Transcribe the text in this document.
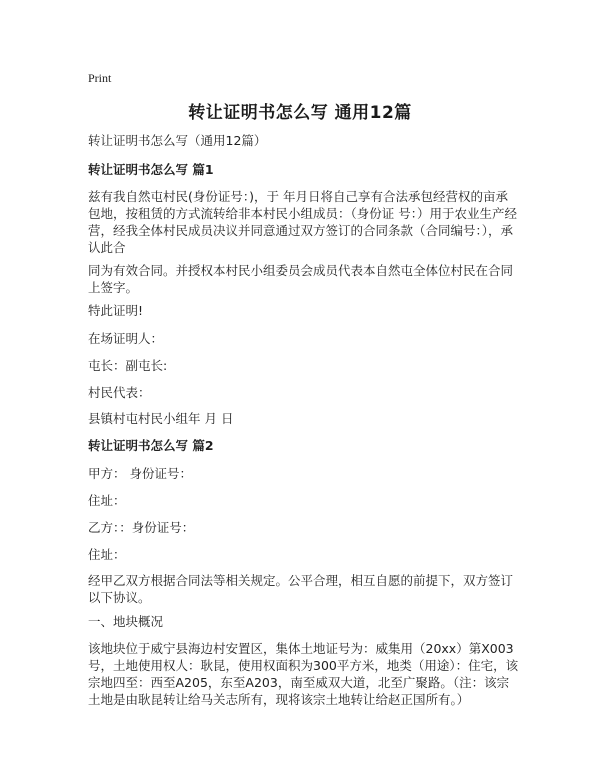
Print
转让证明书怎么写 通用12篇

转让证明书怎么写（通用12篇）

转让证明书怎么写 篇1

兹有我自然屯村民(身份证号：)，于 年月日将自己享有合法承包经营权的亩承包地，按租赁的方式流转给非本村民小组成员：（身份证 号：）用于农业生产经营，经我全体村民成员决议并同意通过双方签订的合同条款（合同编号：），承认此合

同为有效合同。并授权本村民小组委员会成员代表本自然屯全体位村民在合同上签字。

特此证明!

在场证明人：

屯长：副屯长:

村民代表：

县镇村屯村民小组年 月 日

转让证明书怎么写 篇2

甲方： 身份证号：

住址：

乙方：：身份证号：

住址：

经甲乙双方根据合同法等相关规定。公平合理，相互自愿的前提下，双方签订以下协议。

一、地块概况

该地块位于威宁县海边村安置区，集体土地证号为：威集用（20xx）第X003号，土地使用权人：耿昆，使用权面积为300平方米，地类（用途）：住宅，该宗地四至：西至A205，东至A203，南至威双大道，北至广聚路。（注：该宗土地是由耿昆转让给马关志所有，现将该宗土地转让给赵正国所有。）
